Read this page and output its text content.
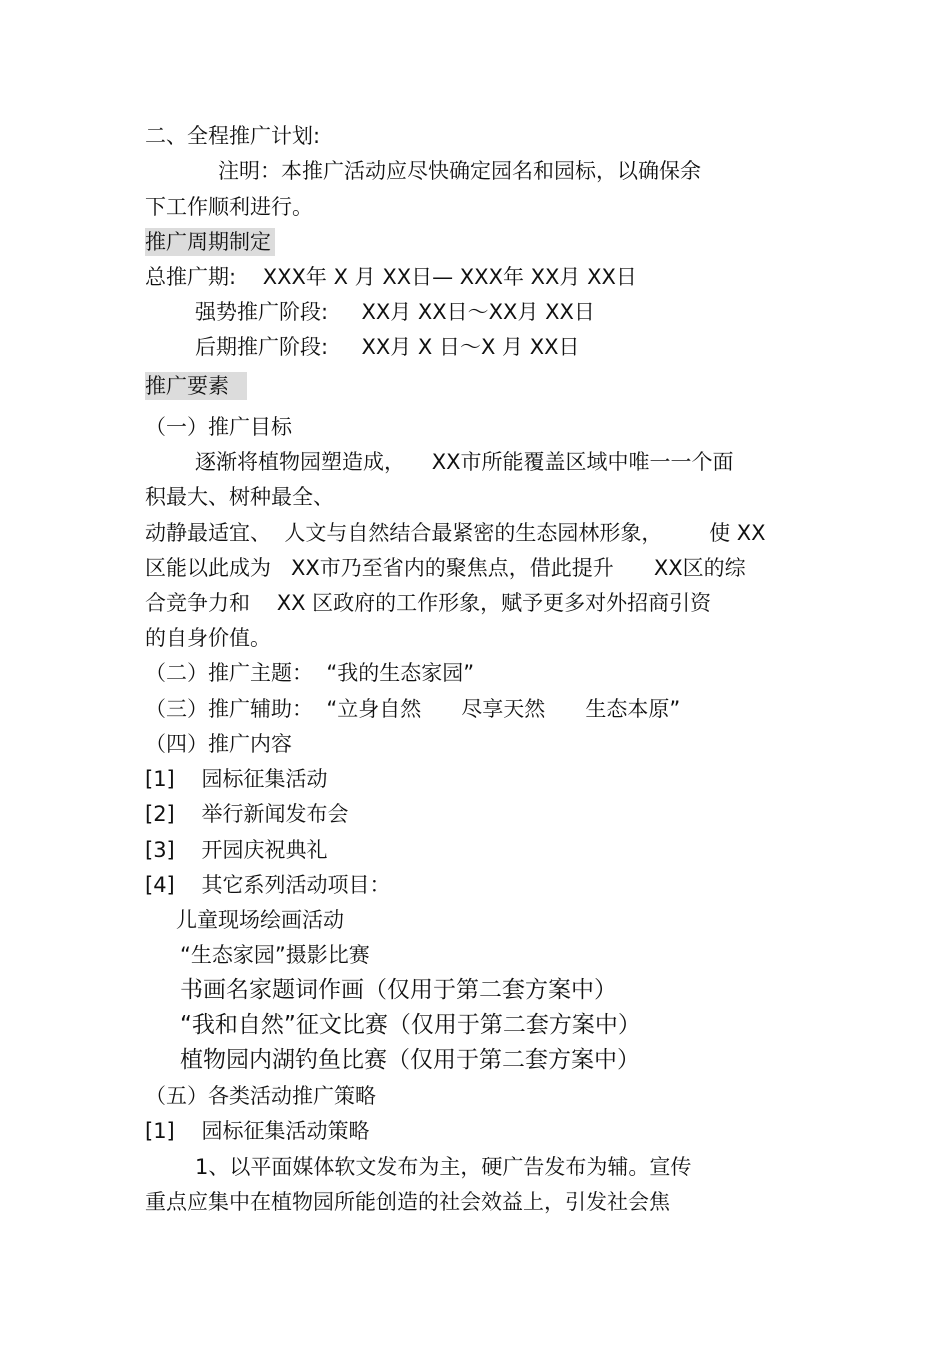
二、全程推广计划:
注明：本推广活动应尽快确定园名和园标，以确保余
下工作顺利进行。
推广周期制定
总推广期:    XXX年 X 月 XX日— XXX年 XX月 XX日
强势推广阶段:     XX月 XX日～XX月 XX日
后期推广阶段:     XX月 X 日～X 月 XX日
推广要素
（一）推广目标
逐渐将植物园塑造成，    XX市所能覆盖区域中唯一一个面
积最大、树种最全、
动静最适宜、  人文与自然结合最紧密的生态园林形象，       使 XX
区能以此成为   XX市乃至省内的聚焦点，借此提升      XX区的综
合竞争力和    XX 区政府的工作形象，赋予更多对外招商引资
的自身价值。
（二）推广主题：  “我的生态家园”
（三）推广辅助：  “立身自然      尽享天然      生态本原”
（四）推广内容
[1]    园标征集活动
[2]    举行新闻发布会
[3]    开园庆祝典礼
[4]    其它系列活动项目：
儿童现场绘画活动
“生态家园”摄影比赛
书画名家题词作画（仅用于第二套方案中）
“我和自然”征文比赛（仅用于第二套方案中）
植物园内湖钓鱼比赛（仅用于第二套方案中）
（五）各类活动推广策略
[1]    园标征集活动策略
1、以平面媒体软文发布为主，硬广告发布为辅。宣传
重点应集中在植物园所能创造的社会效益上，引发社会焦
